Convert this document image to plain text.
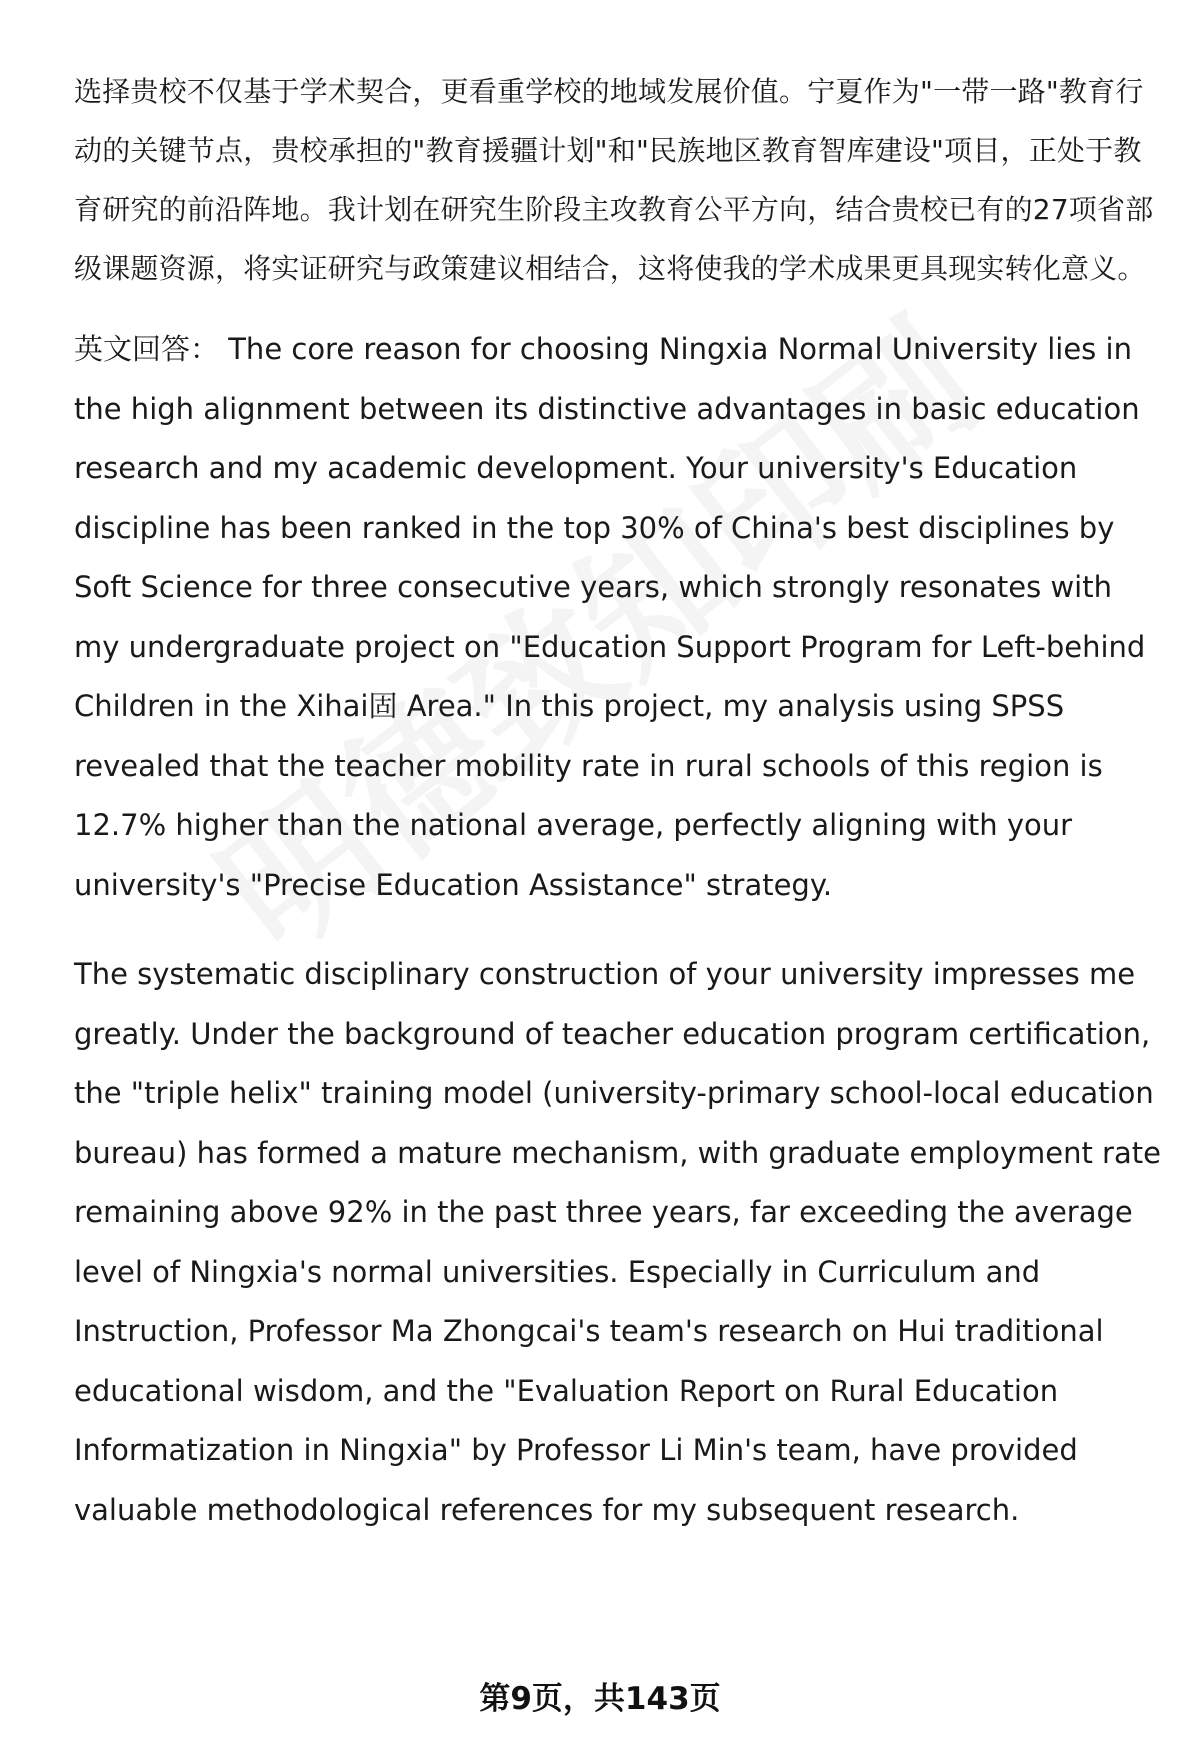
选择贵校不仅基于学术契合，更看重学校的地域发展价值。宁夏作为"一带一路"教育行动的关键节点，贵校承担的"教育援疆计划"和"民族地区教育智库建设"项目，正处于教育研究的前沿阵地。我计划在研究生阶段主攻教育公平方向，结合贵校已有的27项省部级课题资源，将实证研究与政策建议相结合，这将使我的学术成果更具现实转化意义。

英文回答： The core reason for choosing Ningxia Normal University lies in the high alignment between its distinctive advantages in basic education research and my academic development. Your university's Education discipline has been ranked in the top 30% of China's best disciplines by Soft Science for three consecutive years, which strongly resonates with my undergraduate project on "Education Support Program for Left-behind Children in the Xihai固 Area." In this project, my analysis using SPSS revealed that the teacher mobility rate in rural schools of this region is 12.7% higher than the national average, perfectly aligning with your university's "Precise Education Assistance" strategy.

The systematic disciplinary construction of your university impresses me greatly. Under the background of teacher education program certification, the "triple helix" training model (university-primary school-local education bureau) has formed a mature mechanism, with graduate employment rate remaining above 92% in the past three years, far exceeding the average level of Ningxia's normal universities. Especially in Curriculum and Instruction, Professor Ma Zhongcai's team's research on Hui traditional educational wisdom, and the "Evaluation Report on Rural Education Informatization in Ningxia" by Professor Li Min's team, have provided valuable methodological references for my subsequent research.

第9页，共143页
